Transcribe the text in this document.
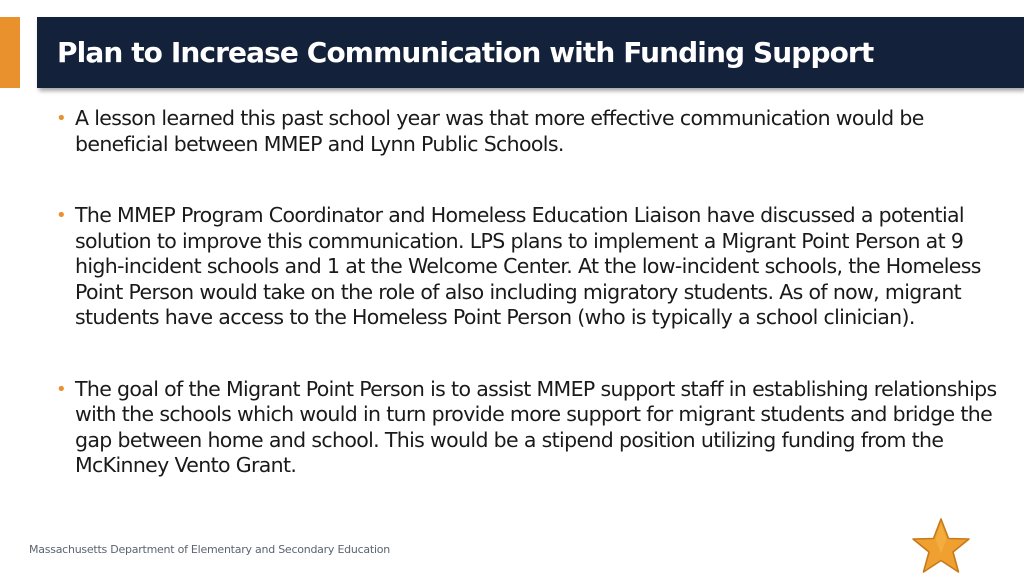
Plan to Increase Communication with Funding Support
• A lesson learned this past school year was that more effective communication would be beneficial between MMEP and Lynn Public Schools.
• The MMEP Program Coordinator and Homeless Education Liaison have discussed a potential solution to improve this communication. LPS plans to implement a Migrant Point Person at 9 high-incident schools and 1 at the Welcome Center. At the low-incident schools, the Homeless Point Person would take on the role of also including migratory students. As of now, migrant students have access to the Homeless Point Person (who is typically a school clinician).
• The goal of the Migrant Point Person is to assist MMEP support staff in establishing relationships with the schools which would in turn provide more support for migrant students and bridge the gap between home and school. This would be a stipend position utilizing funding from the McKinney Vento Grant.
Massachusetts Department of Elementary and Secondary Education
